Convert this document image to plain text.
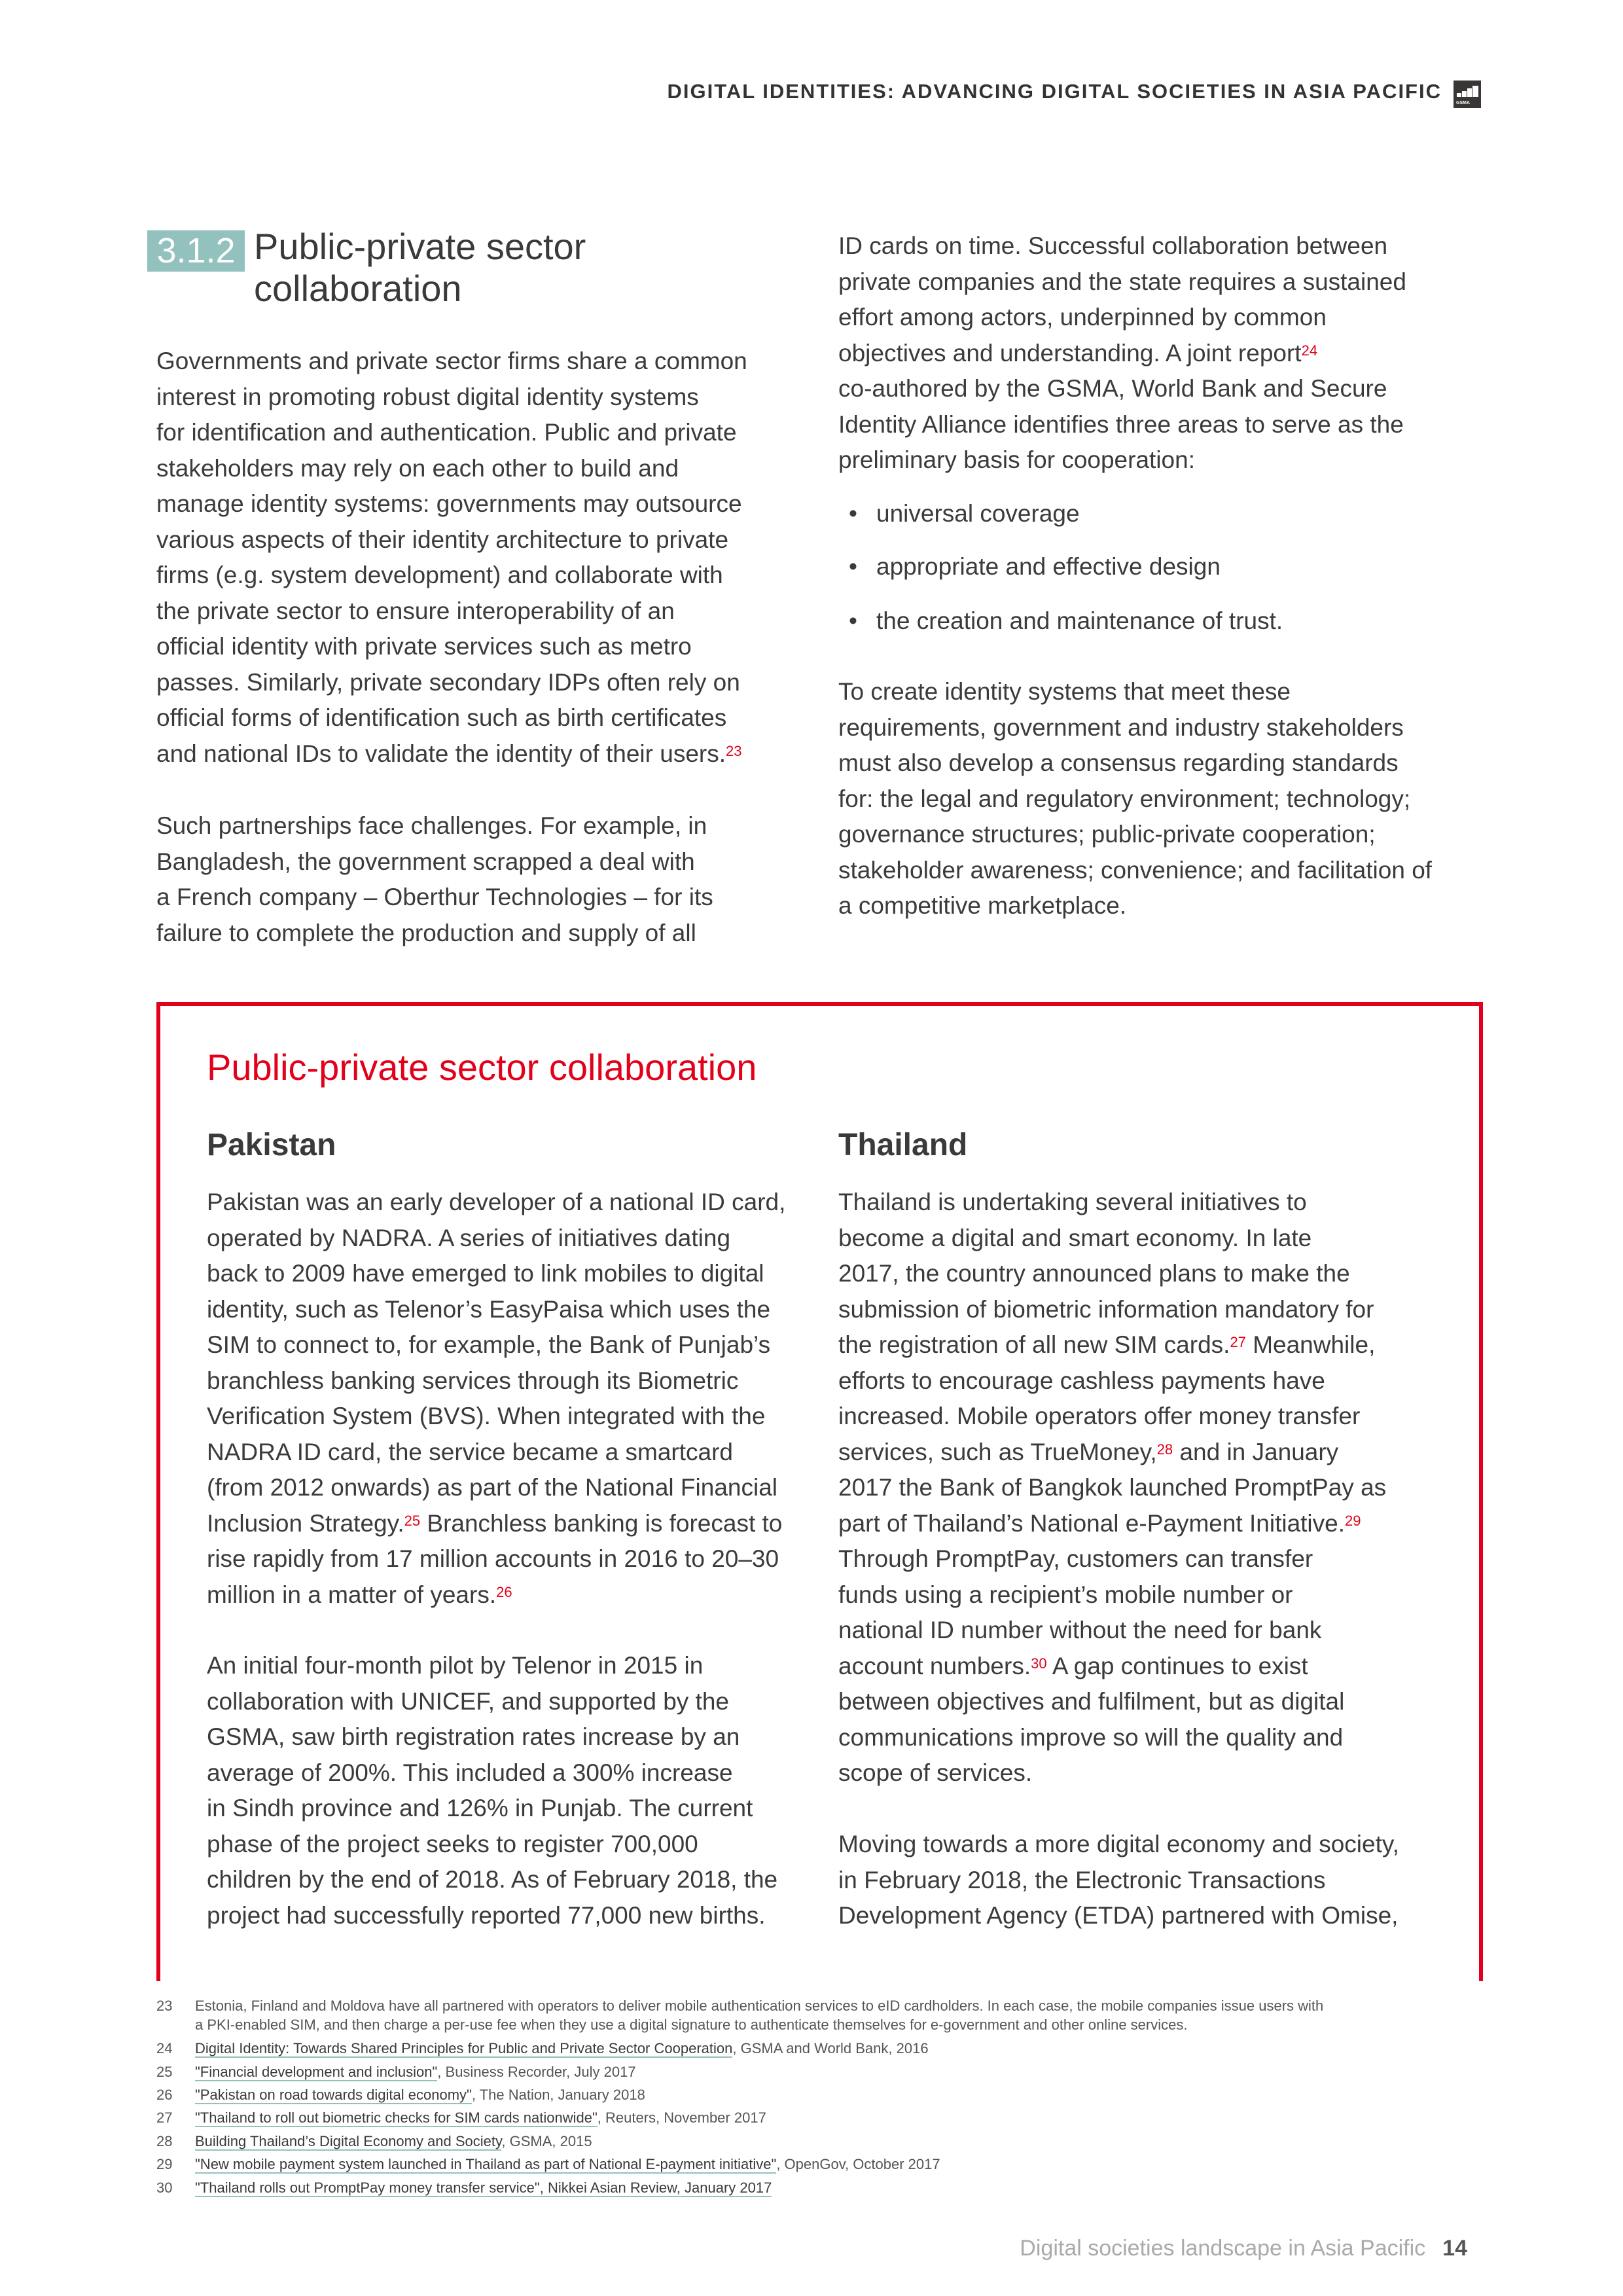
DIGITAL IDENTITIES: ADVANCING DIGITAL SOCIETIES IN ASIA PACIFIC
GSMA
3.1.2 Public-private sector
collaboration
Governments and private sector firms share a common
interest in promoting robust digital identity systems
for identification and authentication. Public and private
stakeholders may rely on each other to build and
manage identity systems: governments may outsource
various aspects of their identity architecture to private
firms (e.g. system development) and collaborate with
the private sector to ensure interoperability of an
official identity with private services such as metro
passes. Similarly, private secondary IDPs often rely on
official forms of identification such as birth certificates
and national IDs to validate the identity of their users.$^{23}$
Such partnerships face challenges. For example, in
Bangladesh, the government scrapped a deal with
a French company – Oberthur Technologies – for its
failure to complete the production and supply of all
ID cards on time. Successful collaboration between
private companies and the state requires a sustained
effort among actors, underpinned by common
objectives and understanding. A joint report$^{24}$
co-authored by the GSMA, World Bank and Secure
Identity Alliance identifies three areas to serve as the
preliminary basis for cooperation:
• universal coverage
• appropriate and effective design
• the creation and maintenance of trust.
To create identity systems that meet these
requirements, government and industry stakeholders
must also develop a consensus regarding standards
for: the legal and regulatory environment; technology;
governance structures; public-private cooperation;
stakeholder awareness; convenience; and facilitation of
a competitive marketplace.
Public-private sector collaboration
Pakistan	Thailand
Pakistan was an early developer of a national ID card,
operated by NADRA. A series of initiatives dating
back to 2009 have emerged to link mobiles to digital
identity, such as Telenor’s EasyPaisa which uses the
SIM to connect to, for example, the Bank of Punjab’s
branchless banking services through its Biometric
Verification System (BVS). When integrated with the
NADRA ID card, the service became a smartcard
(from 2012 onwards) as part of the National Financial
Inclusion Strategy.$^{25}$ Branchless banking is forecast to
rise rapidly from 17 million accounts in 2016 to 20–30
million in a matter of years.$^{26}$
An initial four-month pilot by Telenor in 2015 in
collaboration with UNICEF, and supported by the
GSMA, saw birth registration rates increase by an
average of 200%. This included a 300% increase
in Sindh province and 126% in Punjab. The current
phase of the project seeks to register 700,000
children by the end of 2018. As of February 2018, the
project had successfully reported 77,000 new births.
Thailand is undertaking several initiatives to
become a digital and smart economy. In late
2017, the country announced plans to make the
submission of biometric information mandatory for
the registration of all new SIM cards.$^{27}$ Meanwhile,
efforts to encourage cashless payments have
increased. Mobile operators offer money transfer
services, such as TrueMoney,$^{28}$ and in January
2017 the Bank of Bangkok launched PromptPay as
part of Thailand’s National e-Payment Initiative.$^{29}$
Through PromptPay, customers can transfer
funds using a recipient’s mobile number or
national ID number without the need for bank
account numbers.$^{30}$ A gap continues to exist
between objectives and fulfilment, but as digital
communications improve so will the quality and
scope of services.
Moving towards a more digital economy and society,
in February 2018, the Electronic Transactions
Development Agency (ETDA) partnered with Omise,
23 Estonia, Finland and Moldova have all partnered with operators to deliver mobile authentication services to eID cardholders. In each case, the mobile companies issue users with
a PKI-enabled SIM, and then charge a per-use fee when they use a digital signature to authenticate themselves for e-government and other online services.
24 Digital Identity: Towards Shared Principles for Public and Private Sector Cooperation, GSMA and World Bank, 2016
25 "Financial development and inclusion", Business Recorder, July 2017
26 "Pakistan on road towards digital economy", The Nation, January 2018
27 "Thailand to roll out biometric checks for SIM cards nationwide", Reuters, November 2017
28 Building Thailand’s Digital Economy and Society, GSMA, 2015
29 "New mobile payment system launched in Thailand as part of National E-payment initiative", OpenGov, October 2017
30 "Thailand rolls out PromptPay money transfer service", Nikkei Asian Review, January 2017
Digital societies landscape in Asia Pacific 14
